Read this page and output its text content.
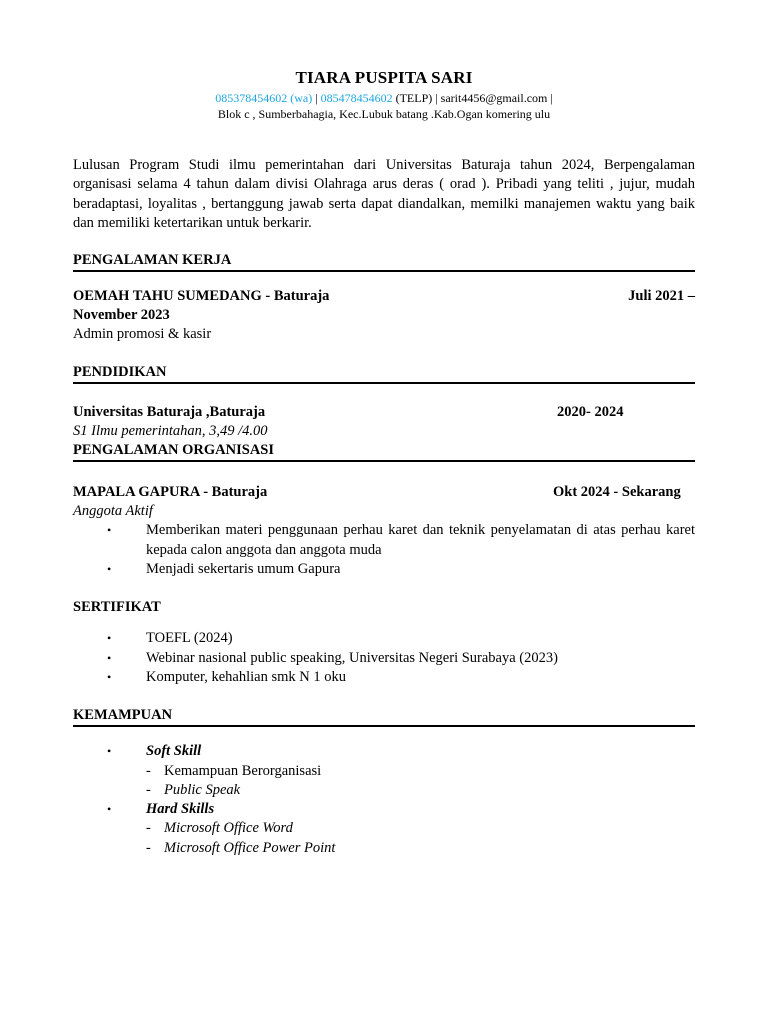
TIARA PUSPITA SARI
085378454602 (wa) | 085478454602 (TELP) | sarit4456@gmail.com |
Blok c , Sumberbahagia, Kec.Lubuk batang .Kab.Ogan komering ulu
Lulusan Program Studi ilmu pemerintahan dari Universitas Baturaja tahun 2024, Berpengalaman organisasi selama 4 tahun dalam divisi Olahraga arus deras ( orad ). Pribadi yang teliti , jujur, mudah beradaptasi, loyalitas , bertanggung jawab serta dapat diandalkan, memilki manajemen waktu yang baik dan memiliki ketertarikan untuk berkarir.
PENGALAMAN KERJA
OEMAH TAHU SUMEDANG - Baturaja	Juli 2021 –
November 2023
Admin promosi & kasir
PENDIDIKAN
Universitas Baturaja ,Baturaja	2020- 2024
S1 Ilmu pemerintahan, 3,49 /4.00
PENGALAMAN ORGANISASI
MAPALA GAPURA - Baturaja	Okt 2024 - Sekarang
Anggota Aktif
• Memberikan materi penggunaan perhau karet dan teknik penyelamatan di atas perhau karet kepada calon anggota dan anggota muda
• Menjadi sekertaris umum Gapura
SERTIFIKAT
• TOEFL (2024)
• Webinar nasional public speaking, Universitas Negeri Surabaya (2023)
• Komputer, kehahlian smk N 1 oku
KEMAMPUAN
• Soft Skill
- Kemampuan Berorganisasi
- Public Speak
• Hard Skills
- Microsoft Office Word
- Microsoft Office Power Point
